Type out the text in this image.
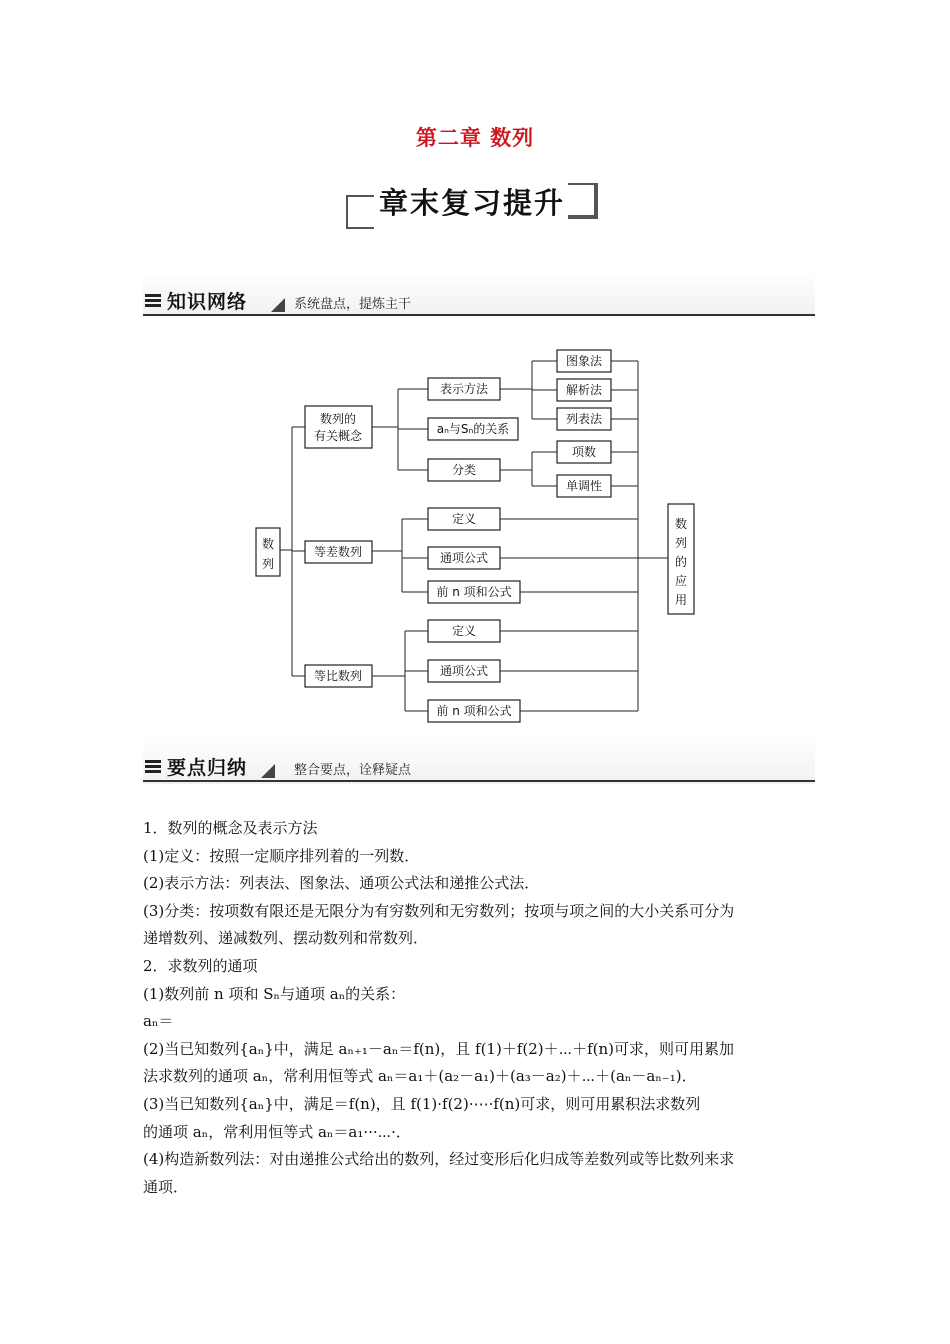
第二章 数列
章末复习提升
知识网络	系统盘点，提炼主干
数
列
数列的
有关概念
等差数列
等比数列
表示方法
aₙ与Sₙ的关系
分类
图象法
解析法
列表法
项数
单调性
定义
通项公式
前 n 项和公式
定义
通项公式
前 n 项和公式
数
列
的
应
用
要点归纳	整合要点，诠释疑点

1．数列的概念及表示方法

(1)定义：按照一定顺序排列着的一列数．

(2)表示方法：列表法、图象法、通项公式法和递推公式法．

(3)分类：按项数有限还是无限分为有穷数列和无穷数列；按项与项之间的大小关系可分为

递增数列、递减数列、摆动数列和常数列．

2．求数列的通项

(1)数列前 n 项和 Sₙ与通项 aₙ的关系：

aₙ＝

(2)当已知数列{aₙ}中，满足 aₙ₊₁－aₙ＝f(n)，且 f(1)＋f(2)＋⋯＋f(n)可求，则可用累加

法求数列的通项 aₙ，常利用恒等式 aₙ＝a₁＋(a₂－a₁)＋(a₃－a₂)＋⋯＋(aₙ－aₙ₋₁)．

(3)当已知数列{aₙ}中，满足＝f(n)，且 f(1)·f(2)·⋯·f(n)可求，则可用累积法求数列

的通项 aₙ，常利用恒等式 aₙ＝a₁···⋯·．

(4)构造新数列法：对由递推公式给出的数列，经过变形后化归成等差数列或等比数列来求

通项．
